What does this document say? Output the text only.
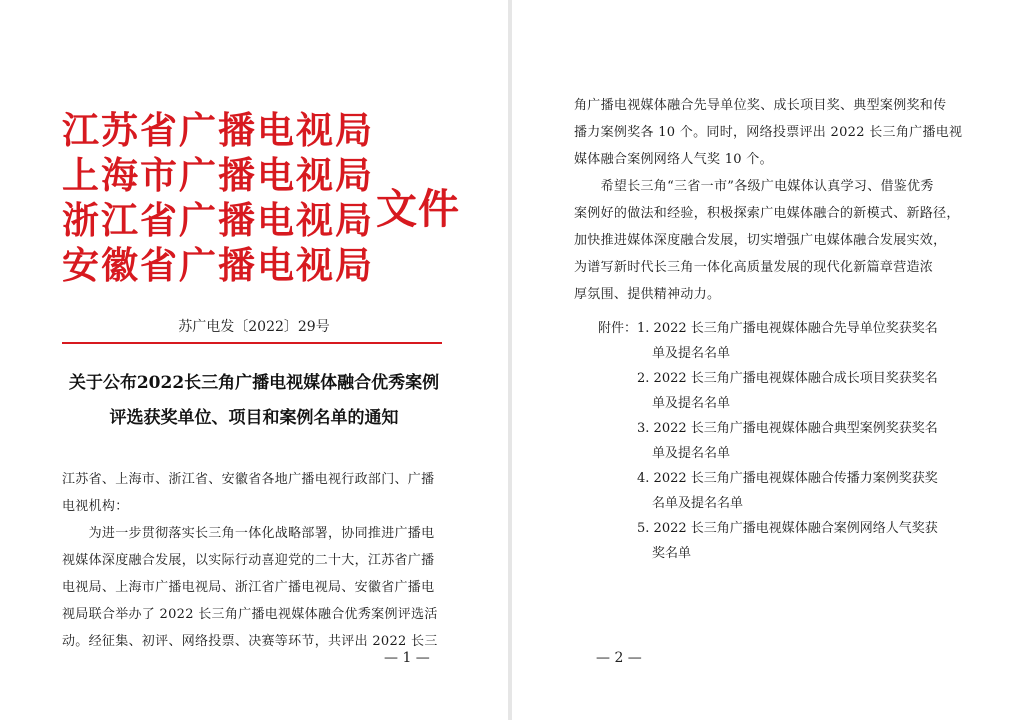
江苏省广播电视局
上海市广播电视局
浙江省广播电视局
安徽省广播电视局
文件
苏广电发〔2022〕29号
关于公布2022长三角广播电视媒体融合优秀案例
评选获奖单位、项目和案例名单的通知
江苏省、上海市、浙江省、安徽省各地广播电视行政部门、广播
电视机构：
　　为进一步贯彻落实长三角一体化战略部署，协同推进广播电
视媒体深度融合发展，以实际行动喜迎党的二十大，江苏省广播
电视局、上海市广播电视局、浙江省广播电视局、安徽省广播电
视局联合举办了 2022 长三角广播电视媒体融合优秀案例评选活
动。经征集、初评、网络投票、决赛等环节，共评出 2022 长三
— 1 —
角广播电视媒体融合先导单位奖、成长项目奖、典型案例奖和传
播力案例奖各 10 个。同时，网络投票评出 2022 长三角广播电视
媒体融合案例网络人气奖 10 个。
　　希望长三角“三省一市”各级广电媒体认真学习、借鉴优秀
案例好的做法和经验，积极探索广电媒体融合的新模式、新路径，
加快推进媒体深度融合发展，切实增强广电媒体融合发展实效，
为谱写新时代长三角一体化高质量发展的现代化新篇章营造浓
厚氛围、提供精神动力。
附件：1. 2022 长三角广播电视媒体融合先导单位奖获奖名
单及提名名单
2. 2022 长三角广播电视媒体融合成长项目奖获奖名
单及提名名单
3. 2022 长三角广播电视媒体融合典型案例奖获奖名
单及提名名单
4. 2022 长三角广播电视媒体融合传播力案例奖获奖
名单及提名名单
5. 2022 长三角广播电视媒体融合案例网络人气奖获
奖名单
— 2 —
